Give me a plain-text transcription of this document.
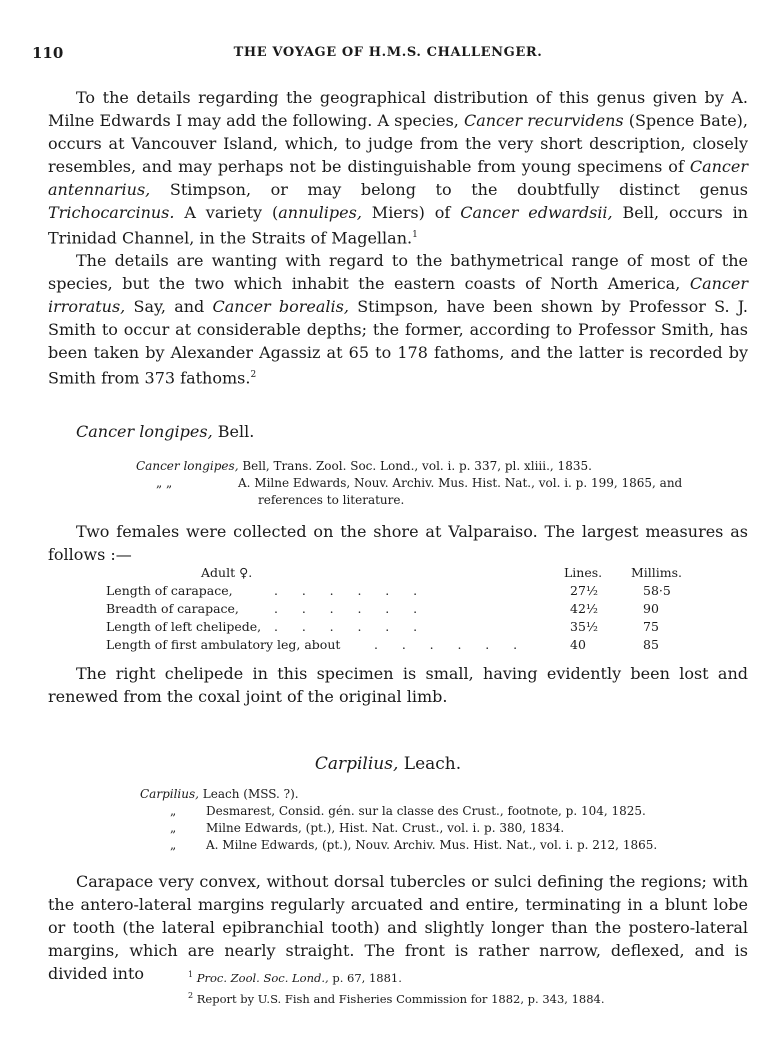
110	THE VOYAGE OF H.M.S. CHALLENGER.

To the details regarding the geographical distribution of this genus given by A. Milne Edwards I may add the following. A species, Cancer recurvidens (Spence Bate), occurs at Vancouver Island, which, to judge from the very short description, closely resembles, and may perhaps not be distinguishable from young specimens of Cancer antennarius, Stimpson, or may belong to the doubtfully distinct genus Trichocarcinus. A variety (annulipes, Miers) of Cancer edwardsii, Bell, occurs in Trinidad Channel, in the Straits of Magellan.$^1$

The details are wanting with regard to the bathymetrical range of most of the species, but the two which inhabit the eastern coasts of North America, Cancer irroratus, Say, and Cancer borealis, Stimpson, have been shown by Professor S. J. Smith to occur at considerable depths; the former, according to Professor Smith, has been taken by Alexander Agassiz at 65 to 178 fathoms, and the latter is recorded by Smith from 373 fathoms.$^2$

Cancer longipes, Bell.
Cancer longipes, Bell, Trans. Zool. Soc. Lond., vol. i. p. 337, pl. xliii., 1835.
„ „	A. Milne Edwards, Nouv. Archiv. Mus. Hist. Nat., vol. i. p. 199, 1865, and
references to literature.

Two females were collected on the shore at Valparaiso. The largest measures as follows :—

Adult ♀.	Lines. Millims.
Length of carapace,	.      .      .      .      .      .	27½	58·5
Breadth of carapace,	.      .      .      .      .      .	42½	90
Length of left chelipede, .      .      .      .      .      .	35½	75
Length of first ambulatory leg, about	.      .      .      .      .      .	40	85

The right chelipede in this specimen is small, having evidently been lost and renewed from the coxal joint of the original limb.

Carpilius, Leach.
Carpilius, Leach (MSS. ?).
„ Desmarest, Consid. gén. sur la classe des Crust., footnote, p. 104, 1825.
„ Milne Edwards, (pt.), Hist. Nat. Crust., vol. i. p. 380, 1834.
„ A. Milne Edwards, (pt.), Nouv. Archiv. Mus. Hist. Nat., vol. i. p. 212, 1865.

Carapace very convex, without dorsal tubercles or sulci defining the regions; with the antero-lateral margins regularly arcuated and entire, terminating in a blunt lobe or tooth (the lateral epibranchial tooth) and slightly longer than the postero-lateral margins, which are nearly straight. The front is rather narrow, deflexed, and is divided into	$^1$ Proc. Zool. Soc. Lond., p. 67, 1881.
$^2$ Report by U.S. Fish and Fisheries Commission for 1882, p. 343, 1884.
